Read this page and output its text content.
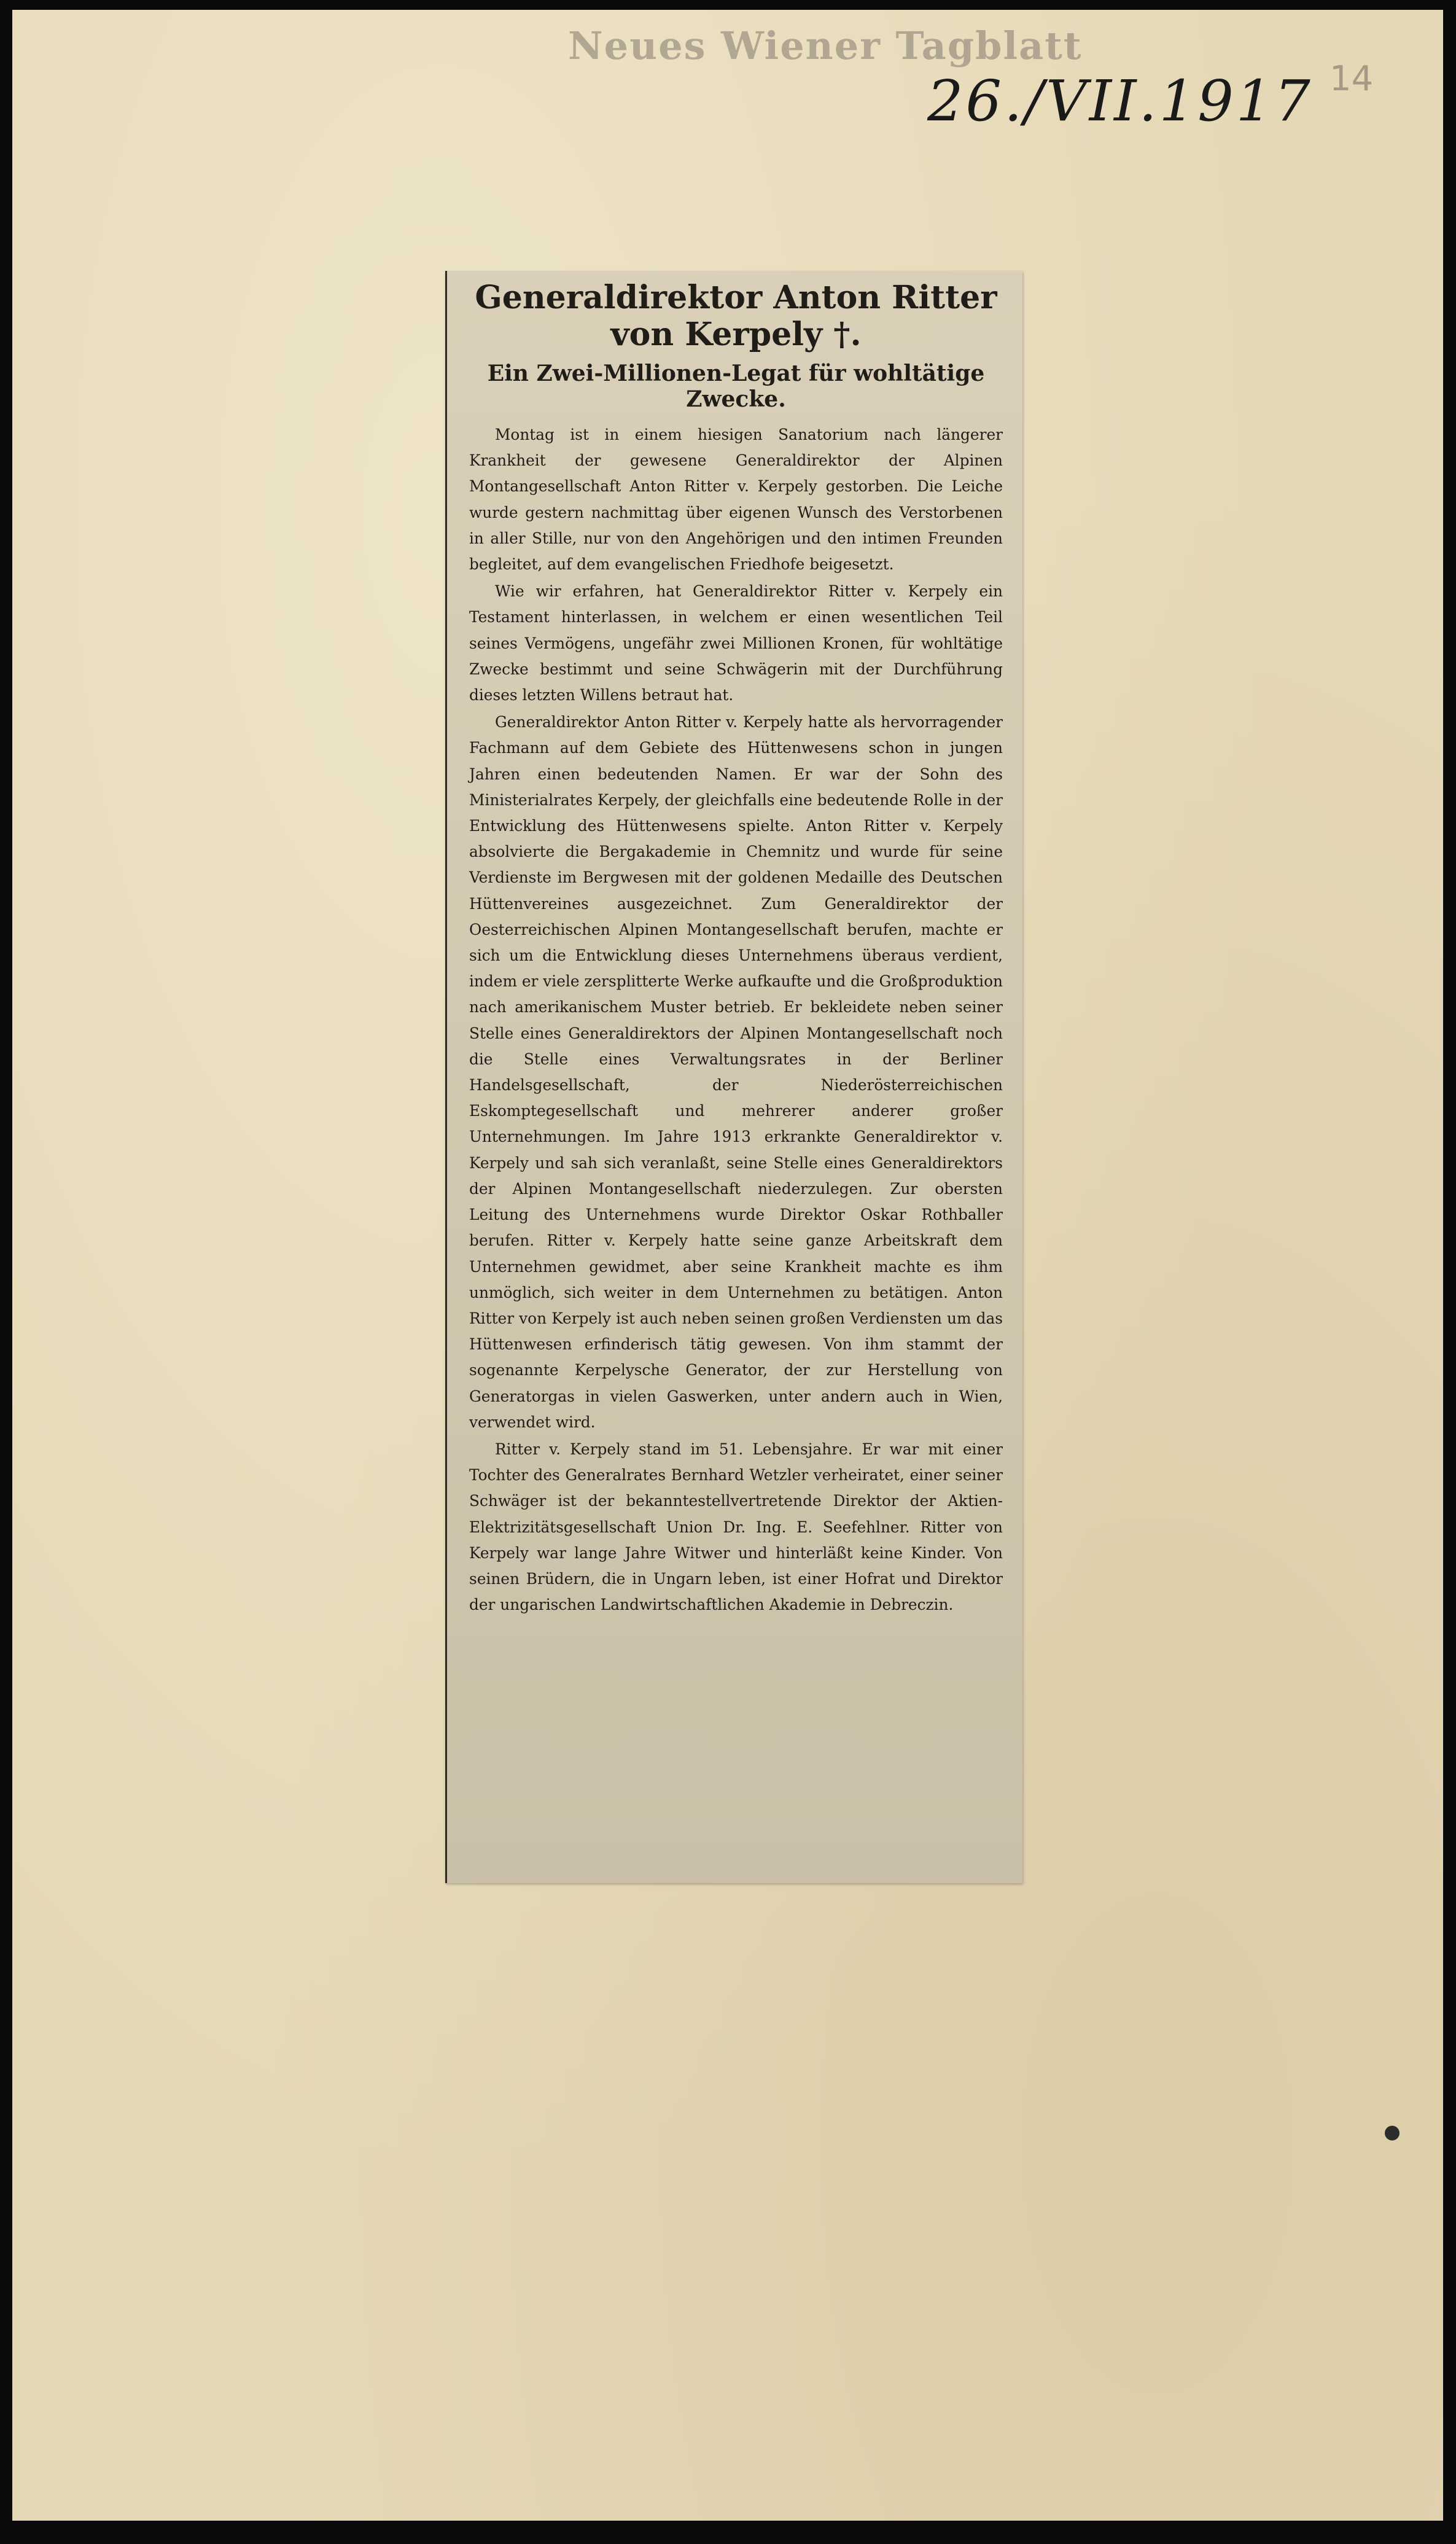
Neues Wiener Tagblatt
26./VII.1917 14
Generaldirektor Anton Ritter von Kerpely †.
Ein Zwei-Millionen-Legat für wohltätige Zwecke.

Montag ist in einem hiesigen Sanatorium nach längerer Krankheit der gewesene Generaldirektor der Alpinen Montangesellschaft Anton Ritter v. Kerpely gestorben. Die Leiche wurde gestern nachmittag über eigenen Wunsch des Verstorbenen in aller Stille, nur von den Angehörigen und den intimen Freunden begleitet, auf dem evangelischen Friedhofe beigesetzt.

Wie wir erfahren, hat Generaldirektor Ritter v. Kerpely ein Testament hinterlassen, in welchem er einen wesentlichen Teil seines Vermögens, ungefähr zwei Millionen Kronen, für wohltätige Zwecke bestimmt und seine Schwägerin mit der Durchführung dieses letzten Willens betraut hat.

Generaldirektor Anton Ritter v. Kerpely hatte als hervorragender Fachmann auf dem Gebiete des Hüttenwesens schon in jungen Jahren einen bedeutenden Namen. Er war der Sohn des Ministerialrates Kerpely, der gleichfalls eine bedeutende Rolle in der Entwicklung des Hüttenwesens spielte. Anton Ritter v. Kerpely absolvierte die Bergakademie in Chemnitz und wurde für seine Verdienste im Bergwesen mit der goldenen Medaille des Deutschen Hüttenvereines ausgezeichnet. Zum Generaldirektor der Oesterreichischen Alpinen Montangesellschaft berufen, machte er sich um die Entwicklung dieses Unternehmens überaus verdient, indem er viele zersplitterte Werke aufkaufte und die Großproduktion nach amerikanischem Muster betrieb. Er bekleidete neben seiner Stelle eines Generaldirektors der Alpinen Montangesellschaft noch die Stelle eines Verwaltungsrates in der Berliner Handelsgesellschaft, der Niederösterreichischen Eskomptegesellschaft und mehrerer anderer großer Unternehmungen. Im Jahre 1913 erkrankte Generaldirektor v. Kerpely und sah sich veranlaßt, seine Stelle eines Generaldirektors der Alpinen Montangesellschaft niederzulegen. Zur obersten Leitung des Unternehmens wurde Direktor Oskar Rothballer berufen. Ritter v. Kerpely hatte seine ganze Arbeitskraft dem Unternehmen gewidmet, aber seine Krankheit machte es ihm unmöglich, sich weiter in dem Unternehmen zu betätigen. Anton Ritter von Kerpely ist auch neben seinen großen Verdiensten um das Hüttenwesen erfinderisch tätig gewesen. Von ihm stammt der sogenannte Kerpelysche Generator, der zur Herstellung von Generatorgas in vielen Gaswerken, unter andern auch in Wien, verwendet wird.

Ritter v. Kerpely stand im 51. Lebensjahre. Er war mit einer Tochter des Generalrates Bernhard Wetzler verheiratet, einer seiner Schwäger ist der bekanntestellvertretende Direktor der Aktien-Elektrizitätsgesellschaft Union Dr. Ing. E. Seefehlner. Ritter von Kerpely war lange Jahre Witwer und hinterläßt keine Kinder. Von seinen Brüdern, die in Ungarn leben, ist einer Hofrat und Direktor der ungarischen Landwirtschaftlichen Akademie in Debreczin.
